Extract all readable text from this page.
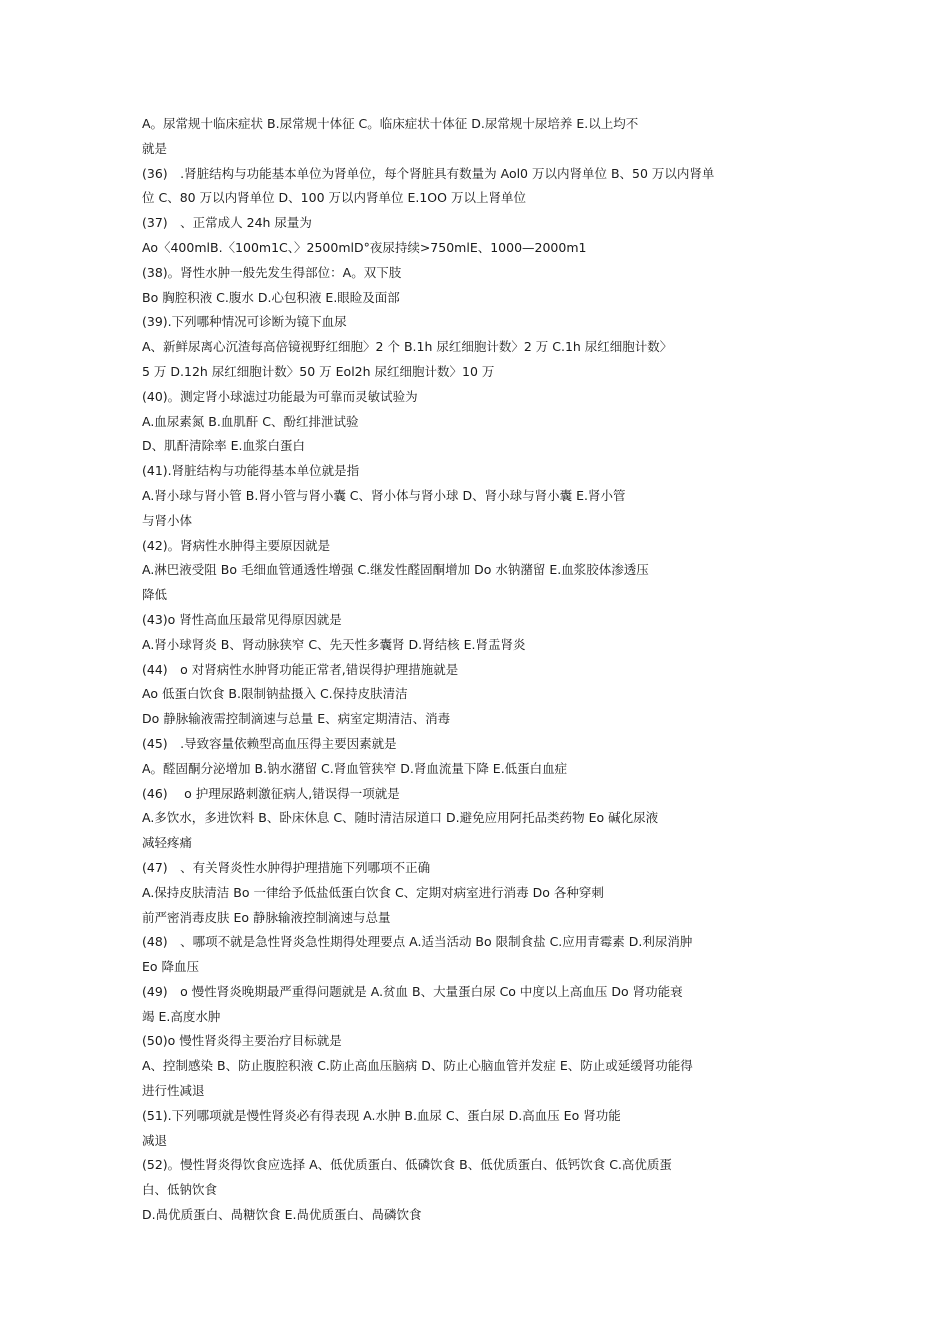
A。尿常规十临床症状 B.尿常规十体征 C。临床症状十体征 D.尿常规十尿培养 E.以上均不
就是
(36)　.肾脏结构与功能基本单位为肾单位，每个肾脏具有数量为 Aol0 万以内肾单位 B、50 万以内肾单
位 C、80 万以内肾单位 D、100 万以内肾单位 E.1OO 万以上肾单位
(37)　、正常成人 24h 尿量为
Ao〈400mlB.〈100m1C、〉2500mlD°夜尿持续>750mlE、1000—2000m1
(38)。肾性水肿一般先发生得部位：A。双下肢
Bo 胸腔积液 C.腹水 D.心包积液 E.眼睑及面部
(39).下列哪种情况可诊断为镜下血尿
A、新鲜尿离心沉渣每高倍镜视野红细胞〉2 个 B.1h 尿红细胞计数〉2 万 C.1h 尿红细胞计数〉
5 万 D.12h 尿红细胞计数〉50 万 Eol2h 尿红细胞计数〉10 万
(40)。测定肾小球滤过功能最为可靠而灵敏试验为
A.血尿素氮 B.血肌酐 C、酚红排泄试验
D、肌酐清除率 E.血浆白蛋白
(41).肾脏结构与功能得基本单位就是指
A.肾小球与肾小管 B.肾小管与肾小囊 C、肾小体与肾小球 D、肾小球与肾小囊 E.肾小管
与肾小体
(42)。肾病性水肿得主要原因就是
A.淋巴液受阻 Bo 毛细血管通透性增强 C.继发性醛固酮增加 Do 水钠潴留 E.血浆胶体渗透压
降低
(43)o 肾性高血压最常见得原因就是
A.肾小球肾炎 B、肾动脉狭窄 C、先天性多囊肾 D.肾结核 E.肾盂肾炎
(44)　o 对肾病性水肿肾功能正常者,错误得护理措施就是
Ao 低蛋白饮食 B.限制钠盐摄入 C.保持皮肤清洁
Do 静脉输液需控制滴速与总量 E、病室定期清洁、消毒
(45)　.导致容量依赖型高血压得主要因素就是
A。醛固酮分泌增加 B.钠水潴留 C.肾血管狭窄 D.肾血流量下降 E.低蛋白血症
(46)　 o 护理尿路刺激征病人,错误得一项就是
A.多饮水，多进饮料 B、卧床休息 C、随时清洁尿道口 D.避免应用阿托品类药物 Eo 碱化尿液
减轻疼痛
(47)　、有关肾炎性水肿得护理措施下列哪项不正确
A.保持皮肤清洁 Bo 一律给予低盐低蛋白饮食 C、定期对病室进行消毒 Do 各种穿刺
前严密消毒皮肤 Eo 静脉输液控制滴速与总量
(48)　、哪项不就是急性肾炎急性期得处理要点 A.适当活动 Bo 限制食盐 C.应用青霉素 D.利尿消肿
Eo 降血压
(49)　o 慢性肾炎晚期最严重得问题就是 A.贫血 B、大量蛋白尿 Co 中度以上高血压 Do 肾功能衰
竭 E.高度水肿
(50)o 慢性肾炎得主要治疗目标就是
A、控制感染 B、防止腹腔积液 C.防止高血压脑病 D、防止心脑血管并发症 E、防止或延缓肾功能得
进行性减退
(51).下列哪项就是慢性肾炎必有得表现 A.水肿 B.血尿 C、蛋白尿 D.高血压 Eo 肾功能
减退
(52)。慢性肾炎得饮食应选择 A、低优质蛋白、低磷饮食 B、低优质蛋白、低钙饮食 C.高优质蛋
白、低钠饮食
D.咼优质蛋白、咼糖饮食 E.咼优质蛋白、咼磷饮食
